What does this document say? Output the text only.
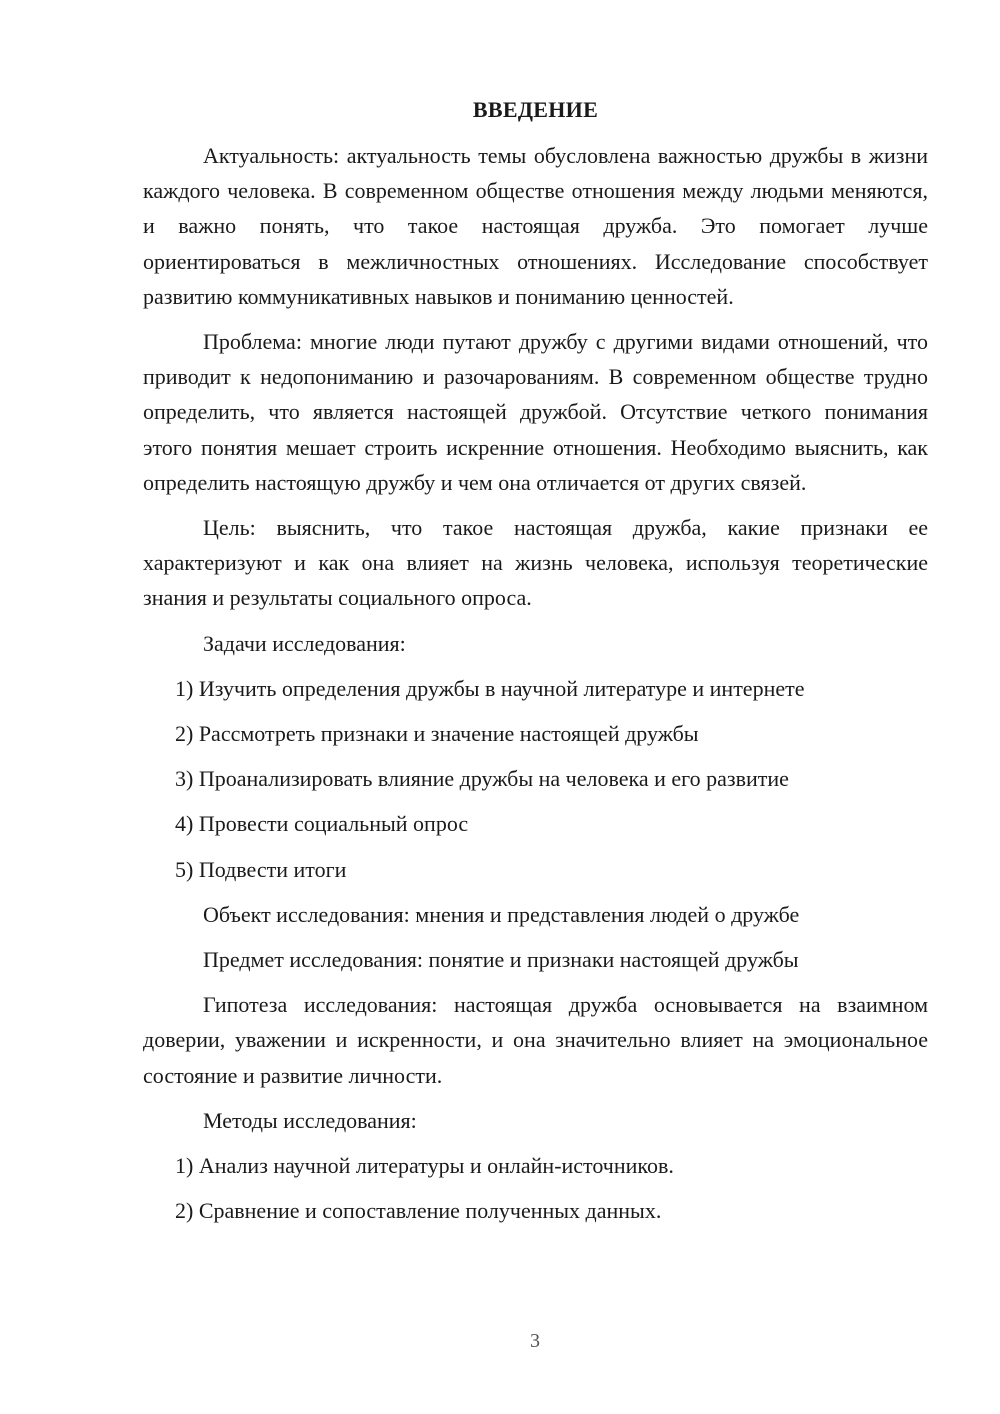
ВВЕДЕНИЕ

Актуальность: актуальность темы обусловлена важностью дружбы в жизни каждого человека. В современном обществе отношения между людьми меняются, и важно понять, что такое настоящая дружба. Это помогает лучше ориентироваться в межличностных отношениях. Исследование способствует развитию коммуникативных навыков и пониманию ценностей.

Проблема: многие люди путают дружбу с другими видами отношений, что приводит к недопониманию и разочарованиям. В современном обществе трудно определить, что является настоящей дружбой. Отсутствие четкого понимания этого понятия мешает строить искренние отношения. Необходимо выяснить, как определить настоящую дружбу и чем она отличается от других связей.

Цель: выяснить, что такое настоящая дружба, какие признаки ее характеризуют и как она влияет на жизнь человека, используя теоретические знания и результаты социального опроса.

Задачи исследования:
1) Изучить определения дружбы в научной литературе и интернете
2) Рассмотреть признаки и значение настоящей дружбы
3) Проанализировать влияние дружбы на человека и его развитие
4) Провести социальный опрос
5) Подвести итоги
Объект исследования: мнения и представления людей о дружбе
Предмет исследования: понятие и признаки настоящей дружбы

Гипотеза исследования: настоящая дружба основывается на взаимном доверии, уважении и искренности, и она значительно влияет на эмоциональное состояние и развитие личности.

Методы исследования:
1) Анализ научной литературы и онлайн-источников.
2) Сравнение и сопоставление полученных данных.
3
